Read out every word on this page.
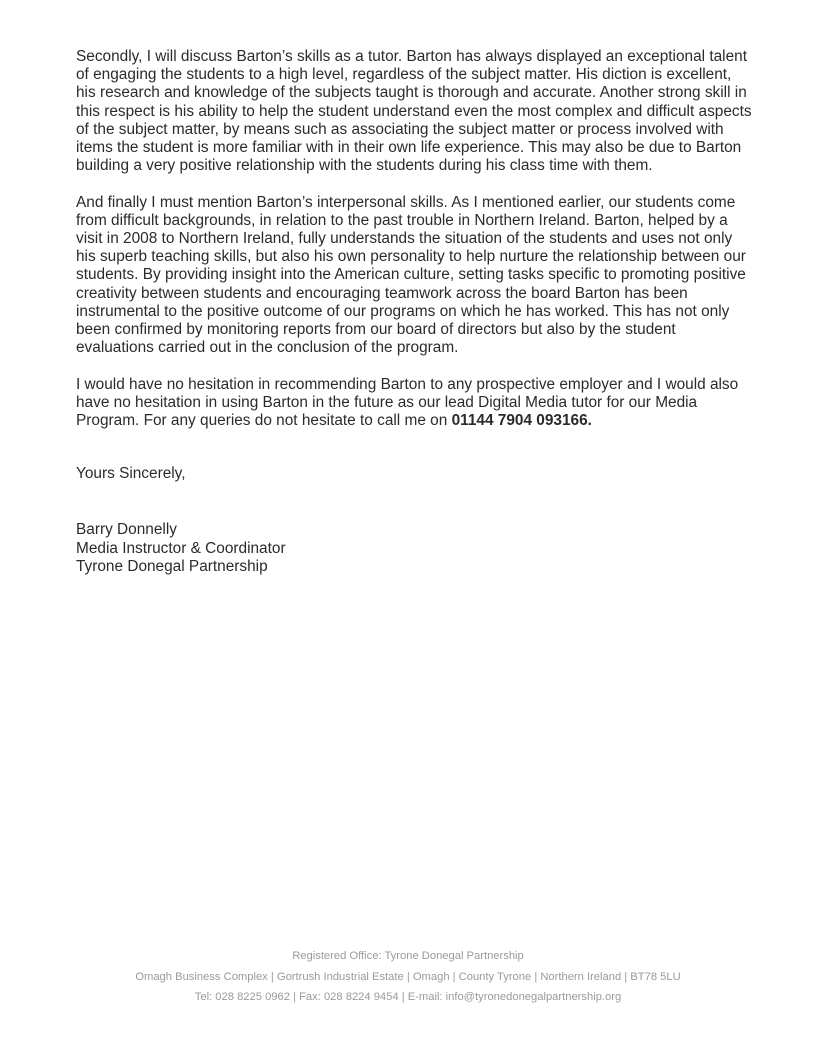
Secondly, I will discuss Barton’s skills as a tutor. Barton has always displayed an exceptional talent of engaging the students to a high level, regardless of the subject matter. His diction is excellent, his research and knowledge of the subjects taught is thorough and accurate. Another strong skill in this respect is his ability to help the student understand even the most complex and difficult aspects of the subject matter, by means such as associating the subject matter or process involved with items the student is more familiar with in their own life experience. This may also be due to Barton building a very positive relationship with the students during his class time with them.

And finally I must mention Barton’s interpersonal skills. As I mentioned earlier, our students come from difficult backgrounds, in relation to the past trouble in Northern Ireland. Barton, helped by a visit in 2008 to Northern Ireland, fully understands the situation of the students and uses not only his superb teaching skills, but also his own personality to help nurture the relationship between our students. By providing insight into the American culture, setting tasks specific to promoting positive creativity between students and encouraging teamwork across the board Barton has been instrumental to the positive outcome of our programs on which he has worked. This has not only been confirmed by monitoring reports from our board of directors but also by the student evaluations carried out in the conclusion of the program.

I would have no hesitation in recommending Barton to any prospective employer and I would also have no hesitation in using Barton in the future as our lead Digital Media tutor for our Media Program. For any queries do not hesitate to call me on 01144 7904 093166.

Yours Sincerely,

Barry Donnelly
Media Instructor & Coordinator
Tyrone Donegal Partnership
Registered Office: Tyrone Donegal Partnership
Omagh Business Complex | Gortrush Industrial Estate | Omagh | County Tyrone | Northern Ireland | BT78 5LU
Tel: 028 8225 0962 | Fax: 028 8224 9454 | E-mail: info@tyronedonegalpartnership.org
